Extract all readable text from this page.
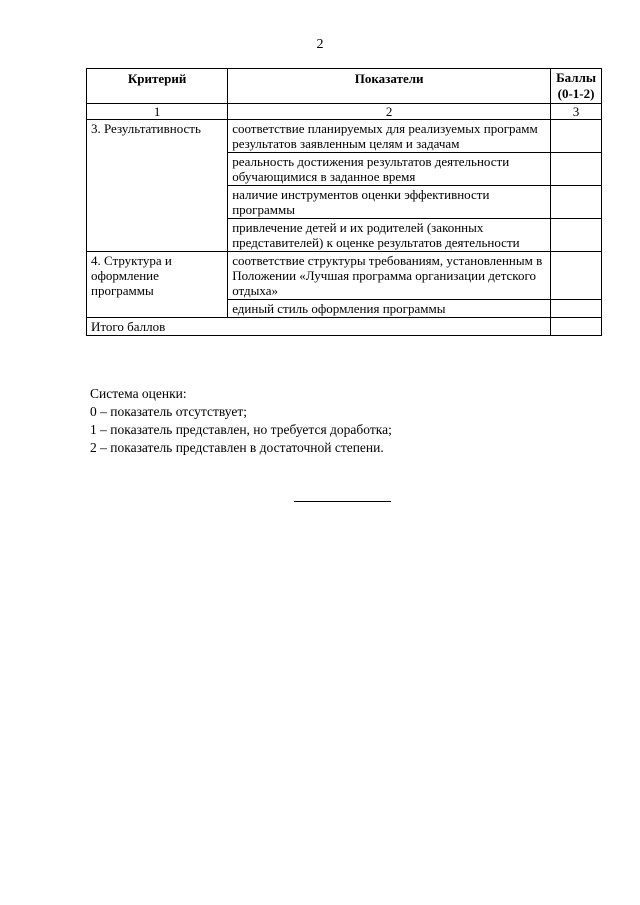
2
Критерий	Показатели	Баллы
(0-1-2)
1	2	3
3. Результативность	соответствие планируемых для реализуемых программ результатов заявленным целям и задачам	
	реальность достижения результатов деятельности обучающимися в заданное время	
	наличие инструментов оценки эффективности программы	
	привлечение детей и их родителей (законных представителей) к оценке результатов деятельности	
4. Структура и оформление программы	соответствие структуры требованиям, установленным в Положении «Лучшая программа организации детского отдыха»	
	единый стиль оформления программы	
Итого баллов		
Система оценки:
0 – показатель отсутствует;
1 – показатель представлен, но требуется доработка;
2 – показатель представлен в достаточной степени.
